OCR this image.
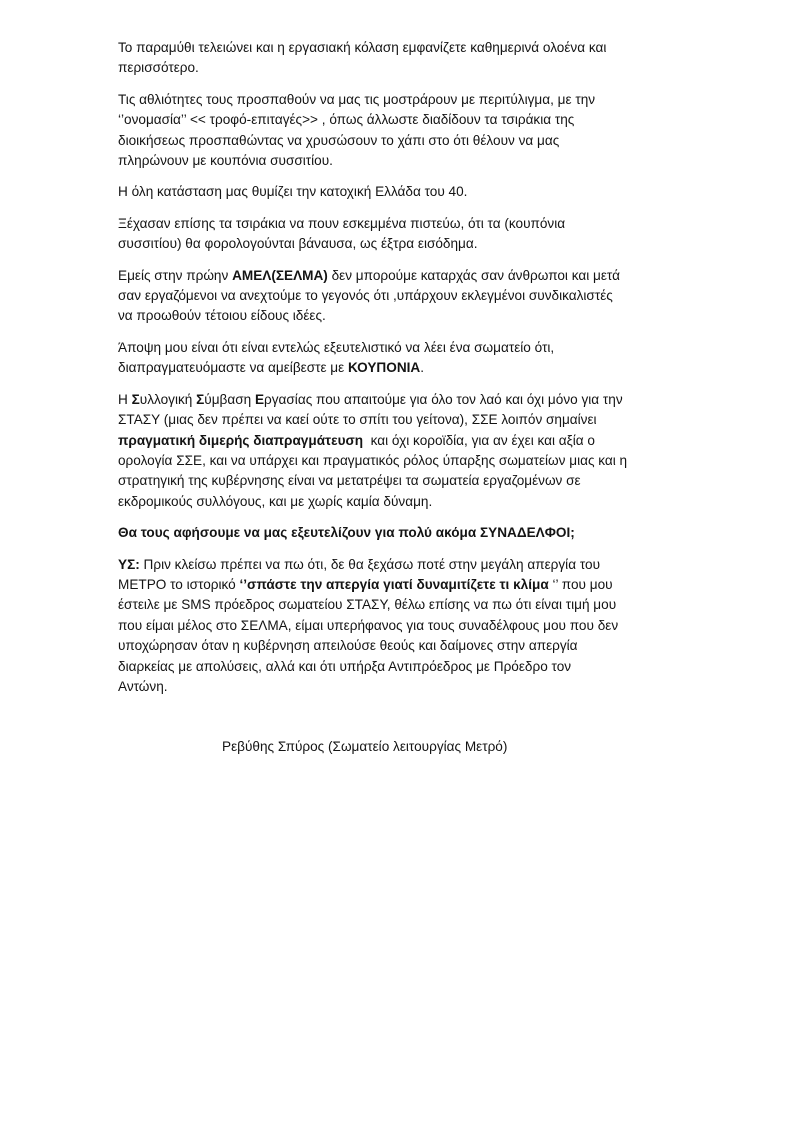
Το παραμύθι τελειώνει και η εργασιακή κόλαση εμφανίζετε καθημερινά ολοένα και
περισσότερο.

Τις αθλιότητες τους προσπαθούν να μας τις μοστράρουν με περιτύλιγμα, με την
‘’ονομασία’’ << τροφό-επιταγές>> , όπως άλλωστε διαδίδουν τα τσιράκια της
διοικήσεως προσπαθώντας να χρυσώσουν το χάπι στο ότι θέλουν να μας
πληρώνουν με κουπόνια συσσιτίου.

Η όλη κατάσταση μας θυμίζει την κατοχική Ελλάδα του 40.

Ξέχασαν επίσης τα τσιράκια να πουν εσκεμμένα πιστεύω, ότι τα (κουπόνια
συσσιτίου) θα φορολογούνται βάναυσα, ως έξτρα εισόδημα.

Εμείς στην πρώην ΑΜΕΛ(ΣΕΛΜΑ) δεν μπορούμε καταρχάς σαν άνθρωποι και μετά
σαν εργαζόμενοι να ανεχτούμε το γεγονός ότι ,υπάρχουν εκλεγμένοι συνδικαλιστές
να προωθούν τέτοιου είδους ιδέες.

Άποψη μου είναι ότι είναι εντελώς εξευτελιστικό να λέει ένα σωματείο ότι,
διαπραγματευόμαστε να αμείβεστε με ΚΟΥΠΟΝΙΑ.

Η Συλλογική Σύμβαση Εργασίας που απαιτούμε για όλο τον λαό και όχι μόνο για την
ΣΤΑΣΥ (μιας δεν πρέπει να καεί ούτε το σπίτι του γείτονα), ΣΣΕ λοιπόν σημαίνει
πραγματική διμερής διαπραγμάτευση  και όχι κοροϊδία, για αν έχει και αξία ο
ορολογία ΣΣΕ, και να υπάρχει και πραγματικός ρόλος ύπαρξης σωματείων μιας και η
στρατηγική της κυβέρνησης είναι να μετατρέψει τα σωματεία εργαζομένων σε
εκδρομικούς συλλόγους, και με χωρίς καμία δύναμη.

Θα τους αφήσουμε να μας εξευτελίζουν για πολύ ακόμα ΣΥΝΑΔΕΛΦΟΙ;

ΥΣ: Πριν κλείσω πρέπει να πω ότι, δε θα ξεχάσω ποτέ στην μεγάλη απεργία του
ΜΕΤΡΟ το ιστορικό ‘’σπάστε την απεργία γιατί δυναμιτίζετε τι κλίμα ‘’ που μου
έστειλε με SMS πρόεδρος σωματείου ΣΤΑΣΥ, θέλω επίσης να πω ότι είναι τιμή μου
που είμαι μέλος στο ΣΕΛΜΑ, είμαι υπερήφανος για τους συναδέλφους μου που δεν
υποχώρησαν όταν η κυβέρνηση απειλούσε θεούς και δαίμονες στην απεργία
διαρκείας με απολύσεις, αλλά και ότι υπήρξα Αντιπρόεδρος με Πρόεδρο τον
Αντώνη.

Ρεβύθης Σπύρος (Σωματείο λειτουργίας Μετρό)
